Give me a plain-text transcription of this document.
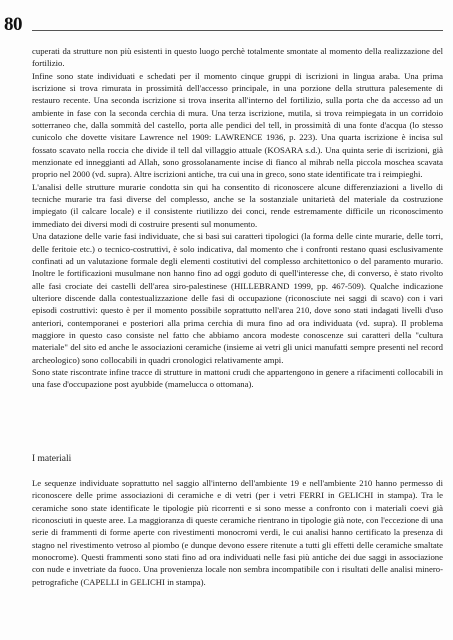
80

cuperati da strutture non più esistenti in questo luogo perchè totalmente smontate al momento della realizzazione del fortilizio.

Infine sono state individuati e schedati per il momento cinque gruppi di iscrizioni in lingua araba. Una prima iscrizione si trova rimurata in prossimità dell'accesso principale, in una porzione della struttura palesemente di restauro recente. Una seconda iscrizione si trova inserita all'interno del fortilizio, sulla porta che da accesso ad un ambiente in fase con la seconda cerchia di mura. Una terza iscrizione, mutila, si trova reimpiegata in un corridoio sotterraneo che, dalla sommità del castello, porta alle pendici del tell, in prossimità di una fonte d'acqua (lo stesso cunicolo che dovette visitare Lawrence nel 1909: LAWRENCE 1936, p. 223). Una quarta iscrizione è incisa sul fossato scavato nella roccia che divide il tell dal villaggio attuale (KOSARA s.d.). Una quinta serie di iscrizioni, già menzionate ed inneggianti ad Allah, sono grossolanamente incise di fianco al mihrab nella piccola moschea scavata proprio nel 2000 (vd. supra). Altre iscrizioni antiche, tra cui una in greco, sono state identificate tra i reimpieghi.

L'analisi delle strutture murarie condotta sin qui ha consentito di riconoscere alcune differenziazioni a livello di tecniche murarie tra fasi diverse del complesso, anche se la sostanziale unitarietà del materiale da costruzione impiegato (il calcare locale) e il consistente riutilizzo dei conci, rende estremamente difficile un riconoscimento immediato dei diversi modi di costruire presenti sul monumento.

Una datazione delle varie fasi individuate, che si basi sui caratteri tipologici (la forma delle cinte murarie, delle torri, delle feritoie etc.) o tecnico-costruttivi, è solo indicativa, dal momento che i confronti restano quasi esclusivamente confinati ad un valutazione formale degli elementi costitutivi del complesso architettonico o del paramento murario. Inoltre le fortificazioni musulmane non hanno fino ad oggi goduto di quell'interesse che, di converso, è stato rivolto alle fasi crociate dei castelli dell'area siro-palestinese (HILLEBRAND 1999, pp. 467-509). Qualche indicazione ulteriore discende dalla contestualizzazione delle fasi di occupazione (riconosciute nei saggi di scavo) con i vari episodi costruttivi: questo è per il momento possibile soprattutto nell'area 210, dove sono stati indagati livelli d'uso anteriori, contemporanei e posteriori alla prima cerchia di mura fino ad ora individuata (vd. supra). Il problema maggiore in questo caso consiste nel fatto che abbiamo ancora modeste conoscenze sui caratteri della "cultura materiale" del sito ed anche le associazioni ceramiche (insieme ai vetri gli unici manufatti sempre presenti nel record archeologico) sono collocabili in quadri cronologici relativamente ampi.

Sono state riscontrate infine tracce di strutture in mattoni crudi che appartengono in genere a rifacimenti collocabili in una fase d'occupazione post ayubbide (mamelucca o ottomana).

I materiali

Le sequenze individuate soprattutto nel saggio all'interno dell'ambiente 19 e nell'ambiente 210 hanno permesso di riconoscere delle prime associazioni di ceramiche e di vetri (per i vetri FERRI in GELICHI in stampa). Tra le ceramiche sono state identificate le tipologie più ricorrenti e si sono messe a confronto con i materiali coevi già riconosciuti in queste aree. La maggioranza di queste ceramiche rientrano in tipologie già note, con l'eccezione di una serie di frammenti di forme aperte con rivestimenti monocromi verdi, le cui analisi hanno certificato la presenza di stagno nel rivestimento vetroso al piombo (e dunque devono essere ritenute a tutti gli effetti delle ceramiche smaltate monocrome). Questi frammenti sono stati fino ad ora individuati nelle fasi più antiche dei due saggi in associazione con nude e invetriate da fuoco. Una provenienza locale non sembra incompatibile con i risultati delle analisi minero-petrografiche (CAPELLI in GELICHI in stampa).
